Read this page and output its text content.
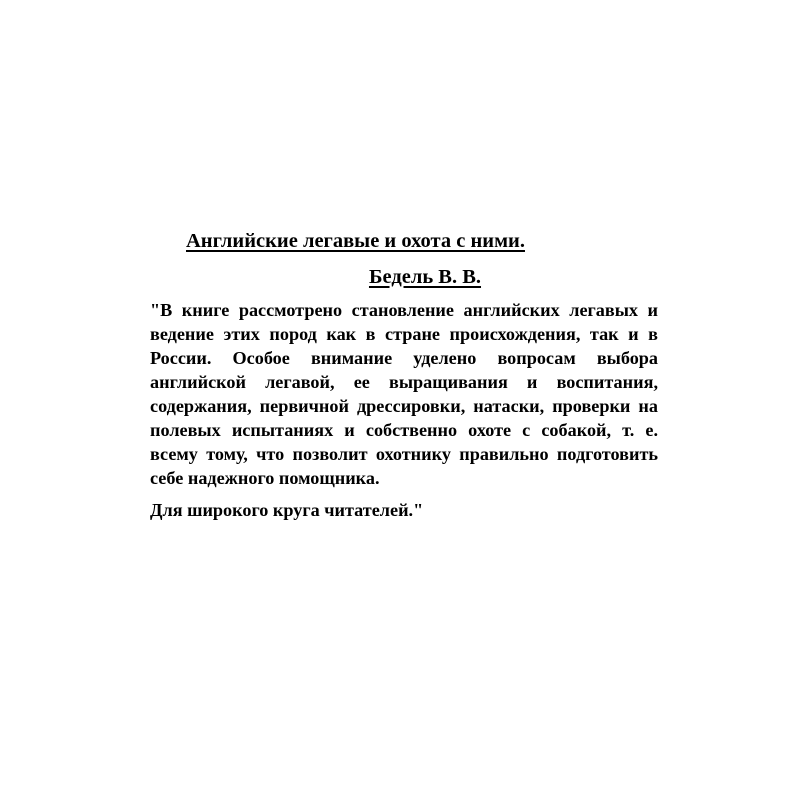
Английские легавые и охота с ними.
Бедель В. В.

"В книге рассмотрено становление английских легавых и ведение этих пород как в стране происхождения, так и в России. Особое внимание уделено вопросам выбора английской легавой, ее выращивания и воспитания, содержания, первичной дрессировки, натаски, проверки на полевых испытаниях и собственно охоте с собакой, т. е. всему тому, что позволит охотнику правильно подготовить себе надежного помощника.

Для широкого круга читателей."
